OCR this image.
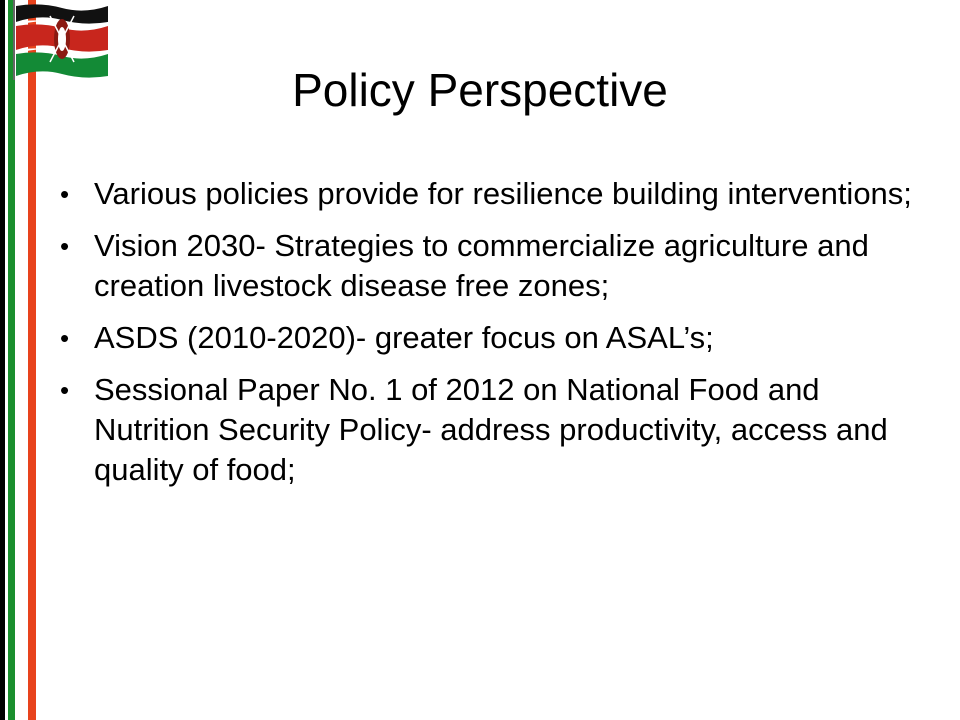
Policy Perspective
• Various policies provide for resilience building interventions;
• Vision 2030- Strategies to commercialize agriculture and creation livestock disease free zones;
• ASDS (2010-2020)- greater focus on ASAL’s;
• Sessional Paper No. 1 of 2012 on National Food and Nutrition Security Policy- address productivity, access and quality of food;
